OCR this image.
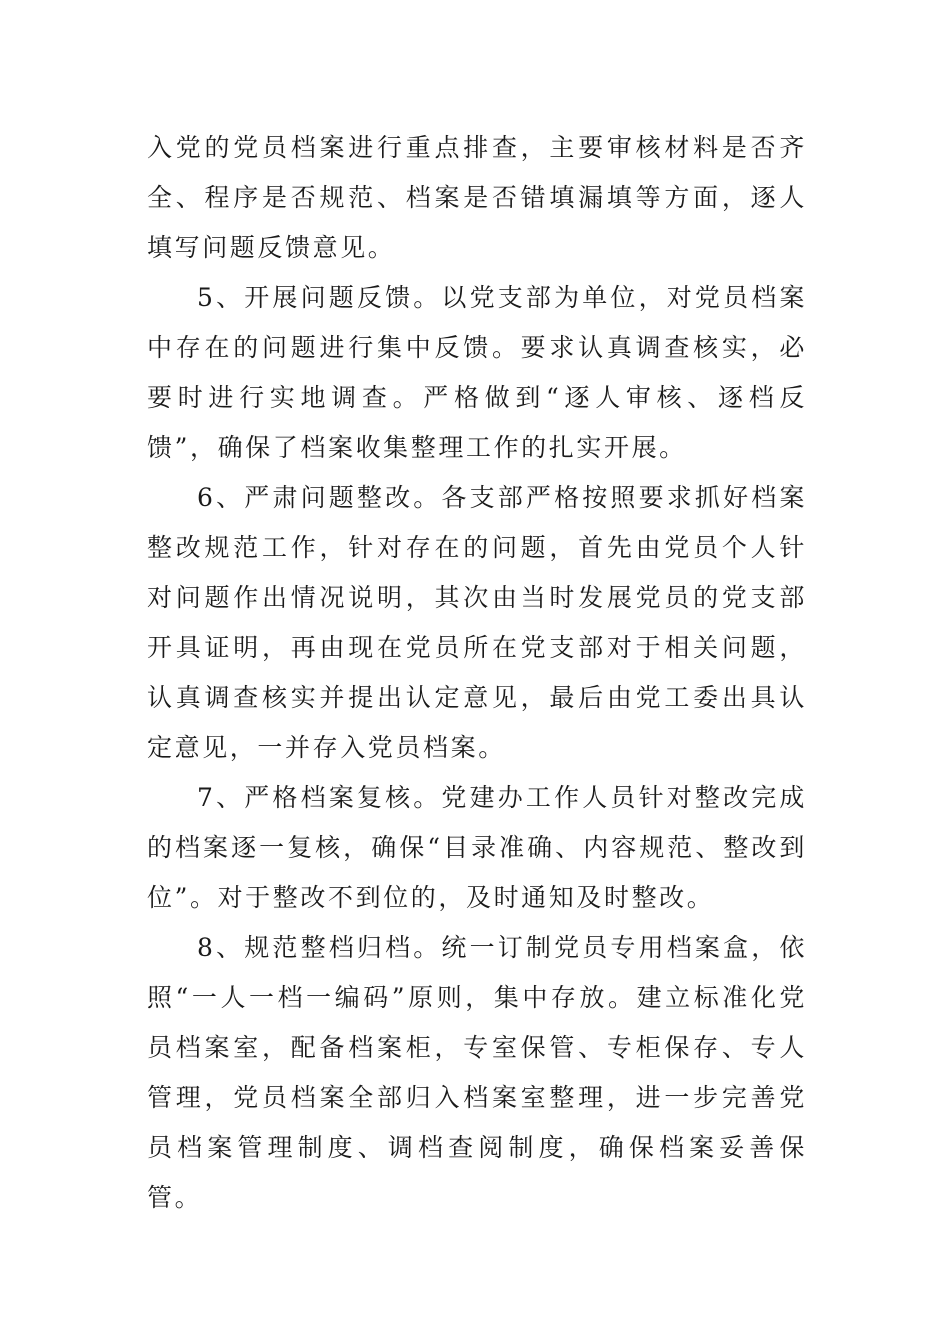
入党的党员档案进行重点排查，主要审核材料是否齐全、程序是否规范、档案是否错填漏填等方面，逐人填写问题反馈意见。

5、开展问题反馈。以党支部为单位，对党员档案中存在的问题进行集中反馈。要求认真调查核实，必要时进行实地调查。严格做到“逐人审核、逐档反馈”，确保了档案收集整理工作的扎实开展。

6、严肃问题整改。各支部严格按照要求抓好档案整改规范工作，针对存在的问题，首先由党员个人针对问题作出情况说明，其次由当时发展党员的党支部开具证明，再由现在党员所在党支部对于相关问题，认真调查核实并提出认定意见，最后由党工委出具认定意见，一并存入党员档案。

7、严格档案复核。党建办工作人员针对整改完成的档案逐一复核，确保“目录准确、内容规范、整改到位”。对于整改不到位的，及时通知及时整改。

8、规范整档归档。统一订制党员专用档案盒，依照“一人一档一编码”原则，集中存放。建立标准化党员档案室，配备档案柜，专室保管、专柜保存、专人管理，党员档案全部归入档案室整理，进一步完善党员档案管理制度、调档查阅制度，确保档案妥善保管。
